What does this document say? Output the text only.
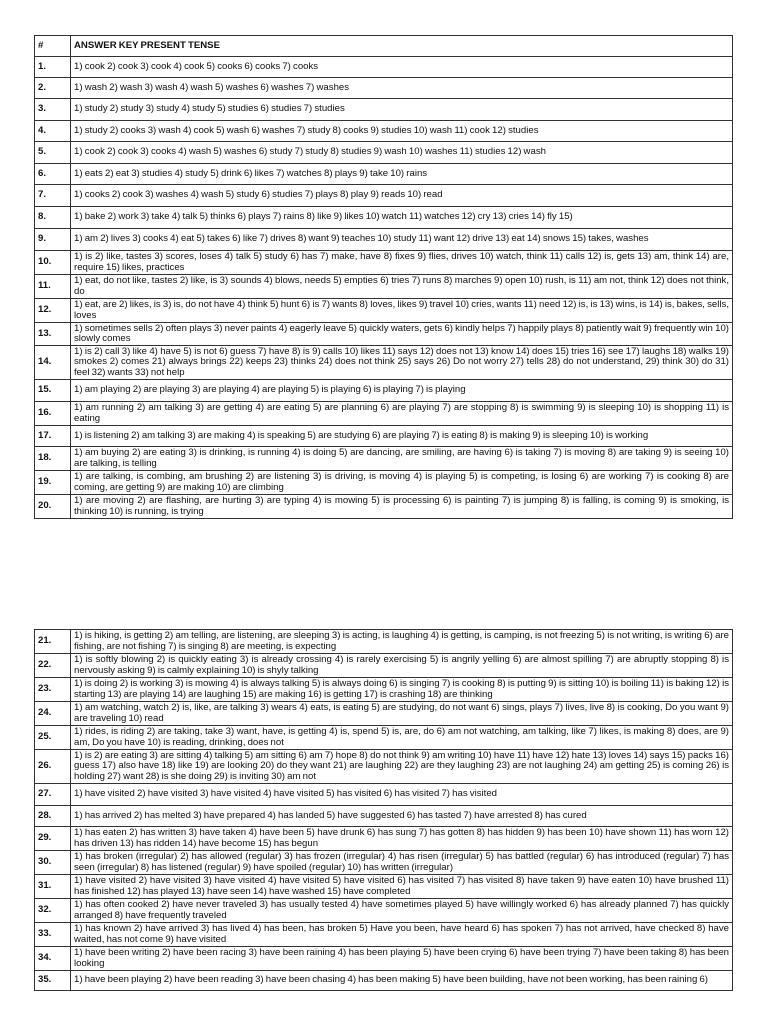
#	ANSWER KEY PRESENT TENSE
1.	1) cook 2) cook 3) cook 4) cook 5) cooks 6) cooks 7) cooks
2.	1) wash 2) wash 3) wash 4) wash 5) washes 6) washes 7) washes
3.	1) study 2) study 3) study 4) study 5) studies 6) studies 7) studies
4.	1) study 2) cooks 3) wash 4) cook 5) wash 6) washes 7) study 8) cooks 9) studies 10) wash 11) cook 12) studies
5.	1) cook 2) cook 3) cooks 4) wash 5) washes 6) study 7) study 8) studies 9) wash 10) washes 11) studies 12) wash
6.	1) eats 2) eat 3) studies 4) study 5) drink 6) likes 7) watches 8) plays 9) take 10) rains
7.	1) cooks 2) cook 3) washes 4) wash 5) study 6) studies 7) plays 8) play 9) reads 10) read
8.	1) bake 2) work 3) take 4) talk 5) thinks 6) plays 7) rains 8) like 9) likes 10) watch 11) watches 12) cry 13) cries 14) fly 15)
9.	1) am 2) lives 3) cooks 4) eat 5) takes 6) like 7) drives 8) want 9) teaches 10) study 11) want 12) drive 13) eat 14) snows 15) takes, washes
10.	1) is 2) like, tastes 3) scores, loses 4) talk 5) study 6) has 7) make, have 8) fixes 9) flies, drives 10) watch, think 11) calls 12) is, gets 13) am, think 14) are, require 15) likes, practices
11.	1) eat, do not like, tastes 2) like, is 3) sounds 4) blows, needs 5) empties 6) tries 7) runs 8) marches 9) open 10) rush, is 11) am not, think 12) does not think, do
12.	1) eat, are 2) likes, is 3) is, do not have 4) think 5) hunt 6) is 7) wants 8) loves, likes 9) travel 10) cries, wants 11) need 12) is, is 13) wins, is 14) is, bakes, sells, loves
13.	1) sometimes sells 2) often plays 3) never paints 4) eagerly leave 5) quickly waters, gets 6) kindly helps 7) happily plays 8) patiently wait 9) frequently win 10) slowly comes
14.	1) is 2) call 3) like 4) have 5) is not 6) guess 7) have 8) is 9) calls 10) likes 11) says 12) does not 13) know 14) does 15) tries 16) see 17) laughs 18) walks 19) smokes 2) comes 21) always brings 22) keeps 23) thinks 24) does not think 25) says 26) Do not worry 27) tells 28) do not understand, 29) think 30) do 31) feel 32) wants 33) not help
15.	1) am playing 2) are playing 3) are playing 4) are playing 5) is playing 6) is playing 7) is playing
16.	1) am running 2) am talking 3) are getting 4) are eating 5) are planning 6) are playing 7) are stopping 8) is swimming 9) is sleeping 10) is shopping 11) is eating
17.	1) is listening 2) am talking 3) are making 4) is speaking 5) are studying 6) are playing 7) is eating 8) is making 9) is sleeping 10) is working
18.	1) am buying 2) are eating 3) is drinking, is running 4) is doing 5) are dancing, are smiling, are having 6) is taking 7) is moving 8) are taking 9) is seeing 10) are talking, is telling
19.	1) are talking, is combing, am brushing 2) are listening 3) is driving, is moving 4) is playing 5) is competing, is losing 6) are working 7) is cooking 8) are coming, are getting 9) are making 10) are climbing
20.	1) are moving 2) are flashing, are hurting 3) are typing 4) is mowing 5) is processing 6) is painting 7) is jumping 8) is falling, is coming 9) is smoking, is thinking 10) is running, is trying
21.	1) is hiking, is getting 2) am telling, are listening, are sleeping 3) is acting, is laughing 4) is getting, is camping, is not freezing 5) is not writing, is writing 6) are fishing, are not fishing 7) is singing 8) are meeting, is expecting
22.	1) is softly blowing 2) is quickly eating 3) is already crossing 4) is rarely exercising 5) is angrily yelling 6) are almost spilling 7) are abruptly stopping 8) is nervously asking 9) is calmly explaining 10) is shyly talking
23.	1) is doing 2) is working 3) is mowing 4) is always talking 5) is always doing 6) is singing 7) is cooking 8) is putting 9) is sitting 10) is boiling 11) is baking 12) is starting 13) are playing 14) are laughing 15) are making 16) is getting 17) is crashing 18) are thinking
24.	1) am watching, watch 2) is, like, are talking 3) wears 4) eats, is eating 5) are studying, do not want 6) sings, plays 7) lives, live 8) is cooking, Do you want 9) are traveling 10) read
25.	1) rides, is riding 2) are taking, take 3) want, have, is getting 4) is, spend 5) is, are, do 6) am not watching, am talking, like 7) likes, is making 8) does, are 9) am, Do you have 10) is reading, drinking, does not
26.	1) is 2) are eating 3) are sitting 4) talking 5) am sitting 6) am 7) hope 8) do not think 9) am writing 10) have 11) have 12) hate 13) loves 14) says 15) packs 16) guess 17) also have 18) like 19) are looking 20) do they want 21) are laughing 22) are they laughing 23) are not laughing 24) am getting 25) is coming 26) is holding 27) want 28) is she doing 29) is inviting 30) am not
27.	1) have visited 2) have visited 3) have visited 4) have visited 5) has visited 6) has visited 7) has visited
28.	1) has arrived 2) has melted 3) have prepared 4) has landed 5) have suggested 6) has tasted 7) have arrested 8) has cured
29.	1) has eaten 2) has written 3) have taken 4) have been 5) have drunk 6) has sung 7) has gotten 8) has hidden 9) has been 10) have shown 11) has worn 12) has driven 13) has ridden 14) have become 15) has begun
30.	1) has broken (irregular) 2) has allowed (regular) 3) has frozen (irregular) 4) has risen (irregular) 5) has battled (regular) 6) has introduced (regular) 7) has seen (irregular) 8) has listened (regular) 9) have spoiled (regular) 10) has written (irregular)
31.	1) have visited 2) have visited 3) have visited 4) have visited 5) have visited 6) has visited 7) has visited 8) have taken 9) have eaten 10) have brushed 11) has finished 12) has played 13) have seen 14) have washed 15) have completed
32.	1) has often cooked 2) have never traveled 3) has usually tested 4) have sometimes played 5) have willingly worked 6) has already planned 7) has quickly arranged 8) have frequently traveled
33.	1) has known 2) have arrived 3) has lived 4) has been, has broken 5) Have you been, have heard 6) has spoken 7) has not arrived, have checked 8) have waited, has not come 9) have visited
34.	1) have been writing 2) have been racing 3) have been raining 4) has been playing 5) have been crying 6) have been trying 7) have been taking 8) has been looking
35.	1) have been playing 2) have been reading 3) have been chasing 4) has been making 5) have been building, have not been working, has been raining 6)
